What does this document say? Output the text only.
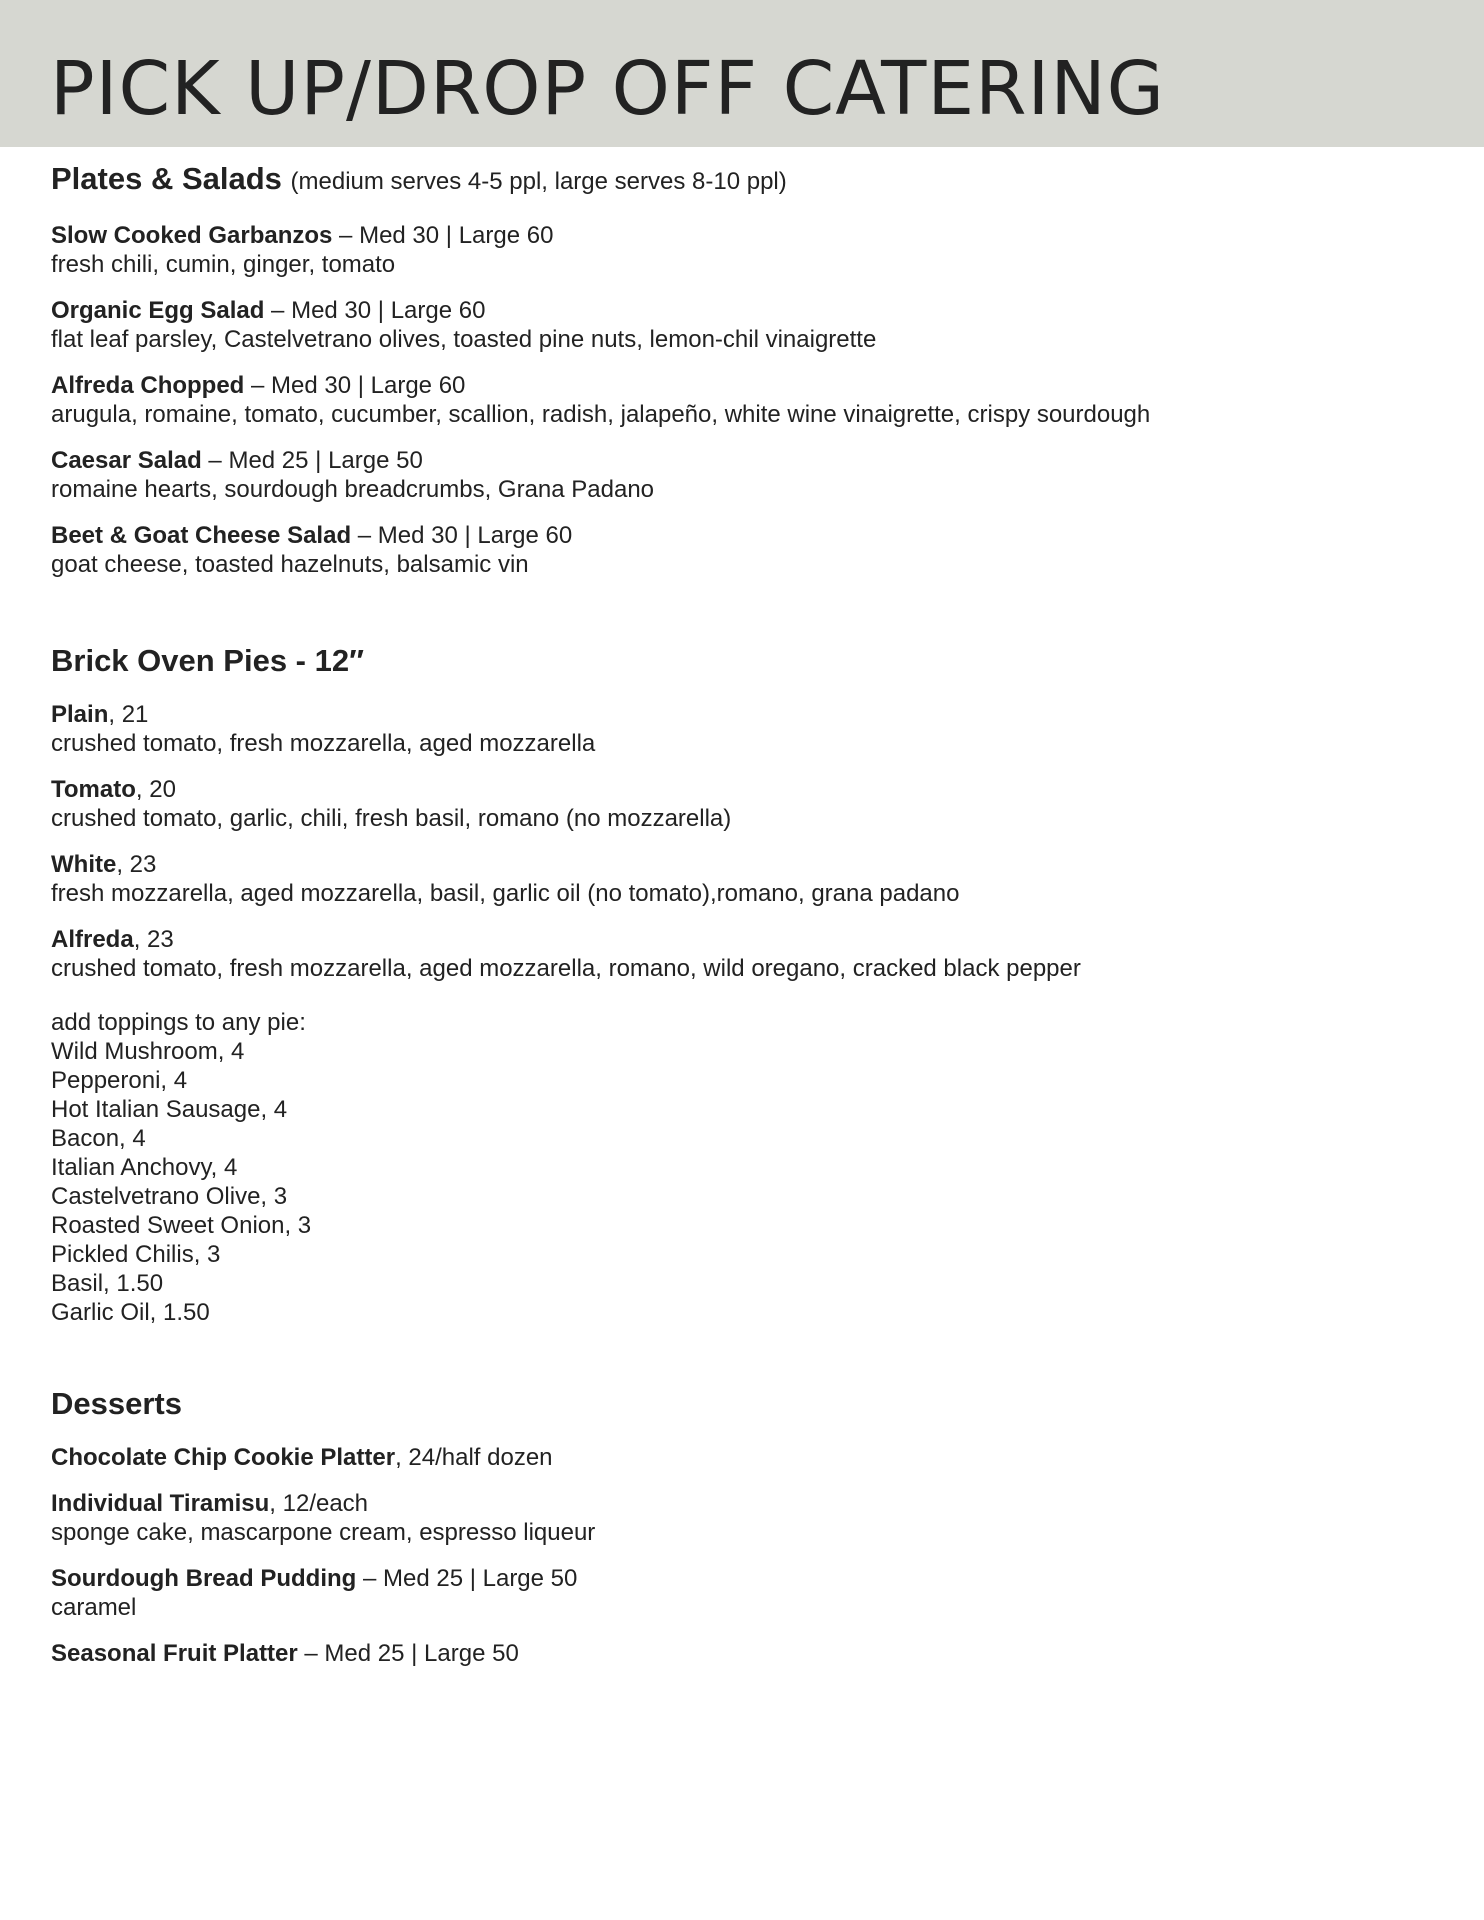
PICK UP/DROP OFF CATERING
Plates & Salads (medium serves 4-5 ppl, large serves 8-10 ppl)
Slow Cooked Garbanzos – Med 30 | Large 60
fresh chili, cumin, ginger, tomato
Organic Egg Salad – Med 30 | Large 60
flat leaf parsley, Castelvetrano olives, toasted pine nuts, lemon-chil vinaigrette
Alfreda Chopped – Med 30 | Large 60
arugula, romaine, tomato, cucumber, scallion, radish, jalapeño, white wine vinaigrette, crispy sourdough
Caesar Salad – Med 25 | Large 50
romaine hearts, sourdough breadcrumbs, Grana Padano
Beet & Goat Cheese Salad – Med 30 | Large 60
goat cheese, toasted hazelnuts, balsamic vin
Brick Oven Pies - 12″
Plain, 21
crushed tomato, fresh mozzarella, aged mozzarella
Tomato, 20
crushed tomato, garlic, chili, fresh basil, romano (no mozzarella)
White, 23
fresh mozzarella, aged mozzarella, basil, garlic oil (no tomato),romano, grana padano
Alfreda, 23
crushed tomato, fresh mozzarella, aged mozzarella, romano, wild oregano, cracked black pepper
add toppings to any pie:
Wild Mushroom, 4
Pepperoni, 4
Hot Italian Sausage, 4
Bacon, 4
Italian Anchovy, 4
Castelvetrano Olive, 3
Roasted Sweet Onion, 3
Pickled Chilis, 3
Basil, 1.50
Garlic Oil, 1.50
Desserts
Chocolate Chip Cookie Platter, 24/half dozen
Individual Tiramisu, 12/each
sponge cake, mascarpone cream, espresso liqueur
Sourdough Bread Pudding – Med 25 | Large 50
caramel
Seasonal Fruit Platter – Med 25 | Large 50
